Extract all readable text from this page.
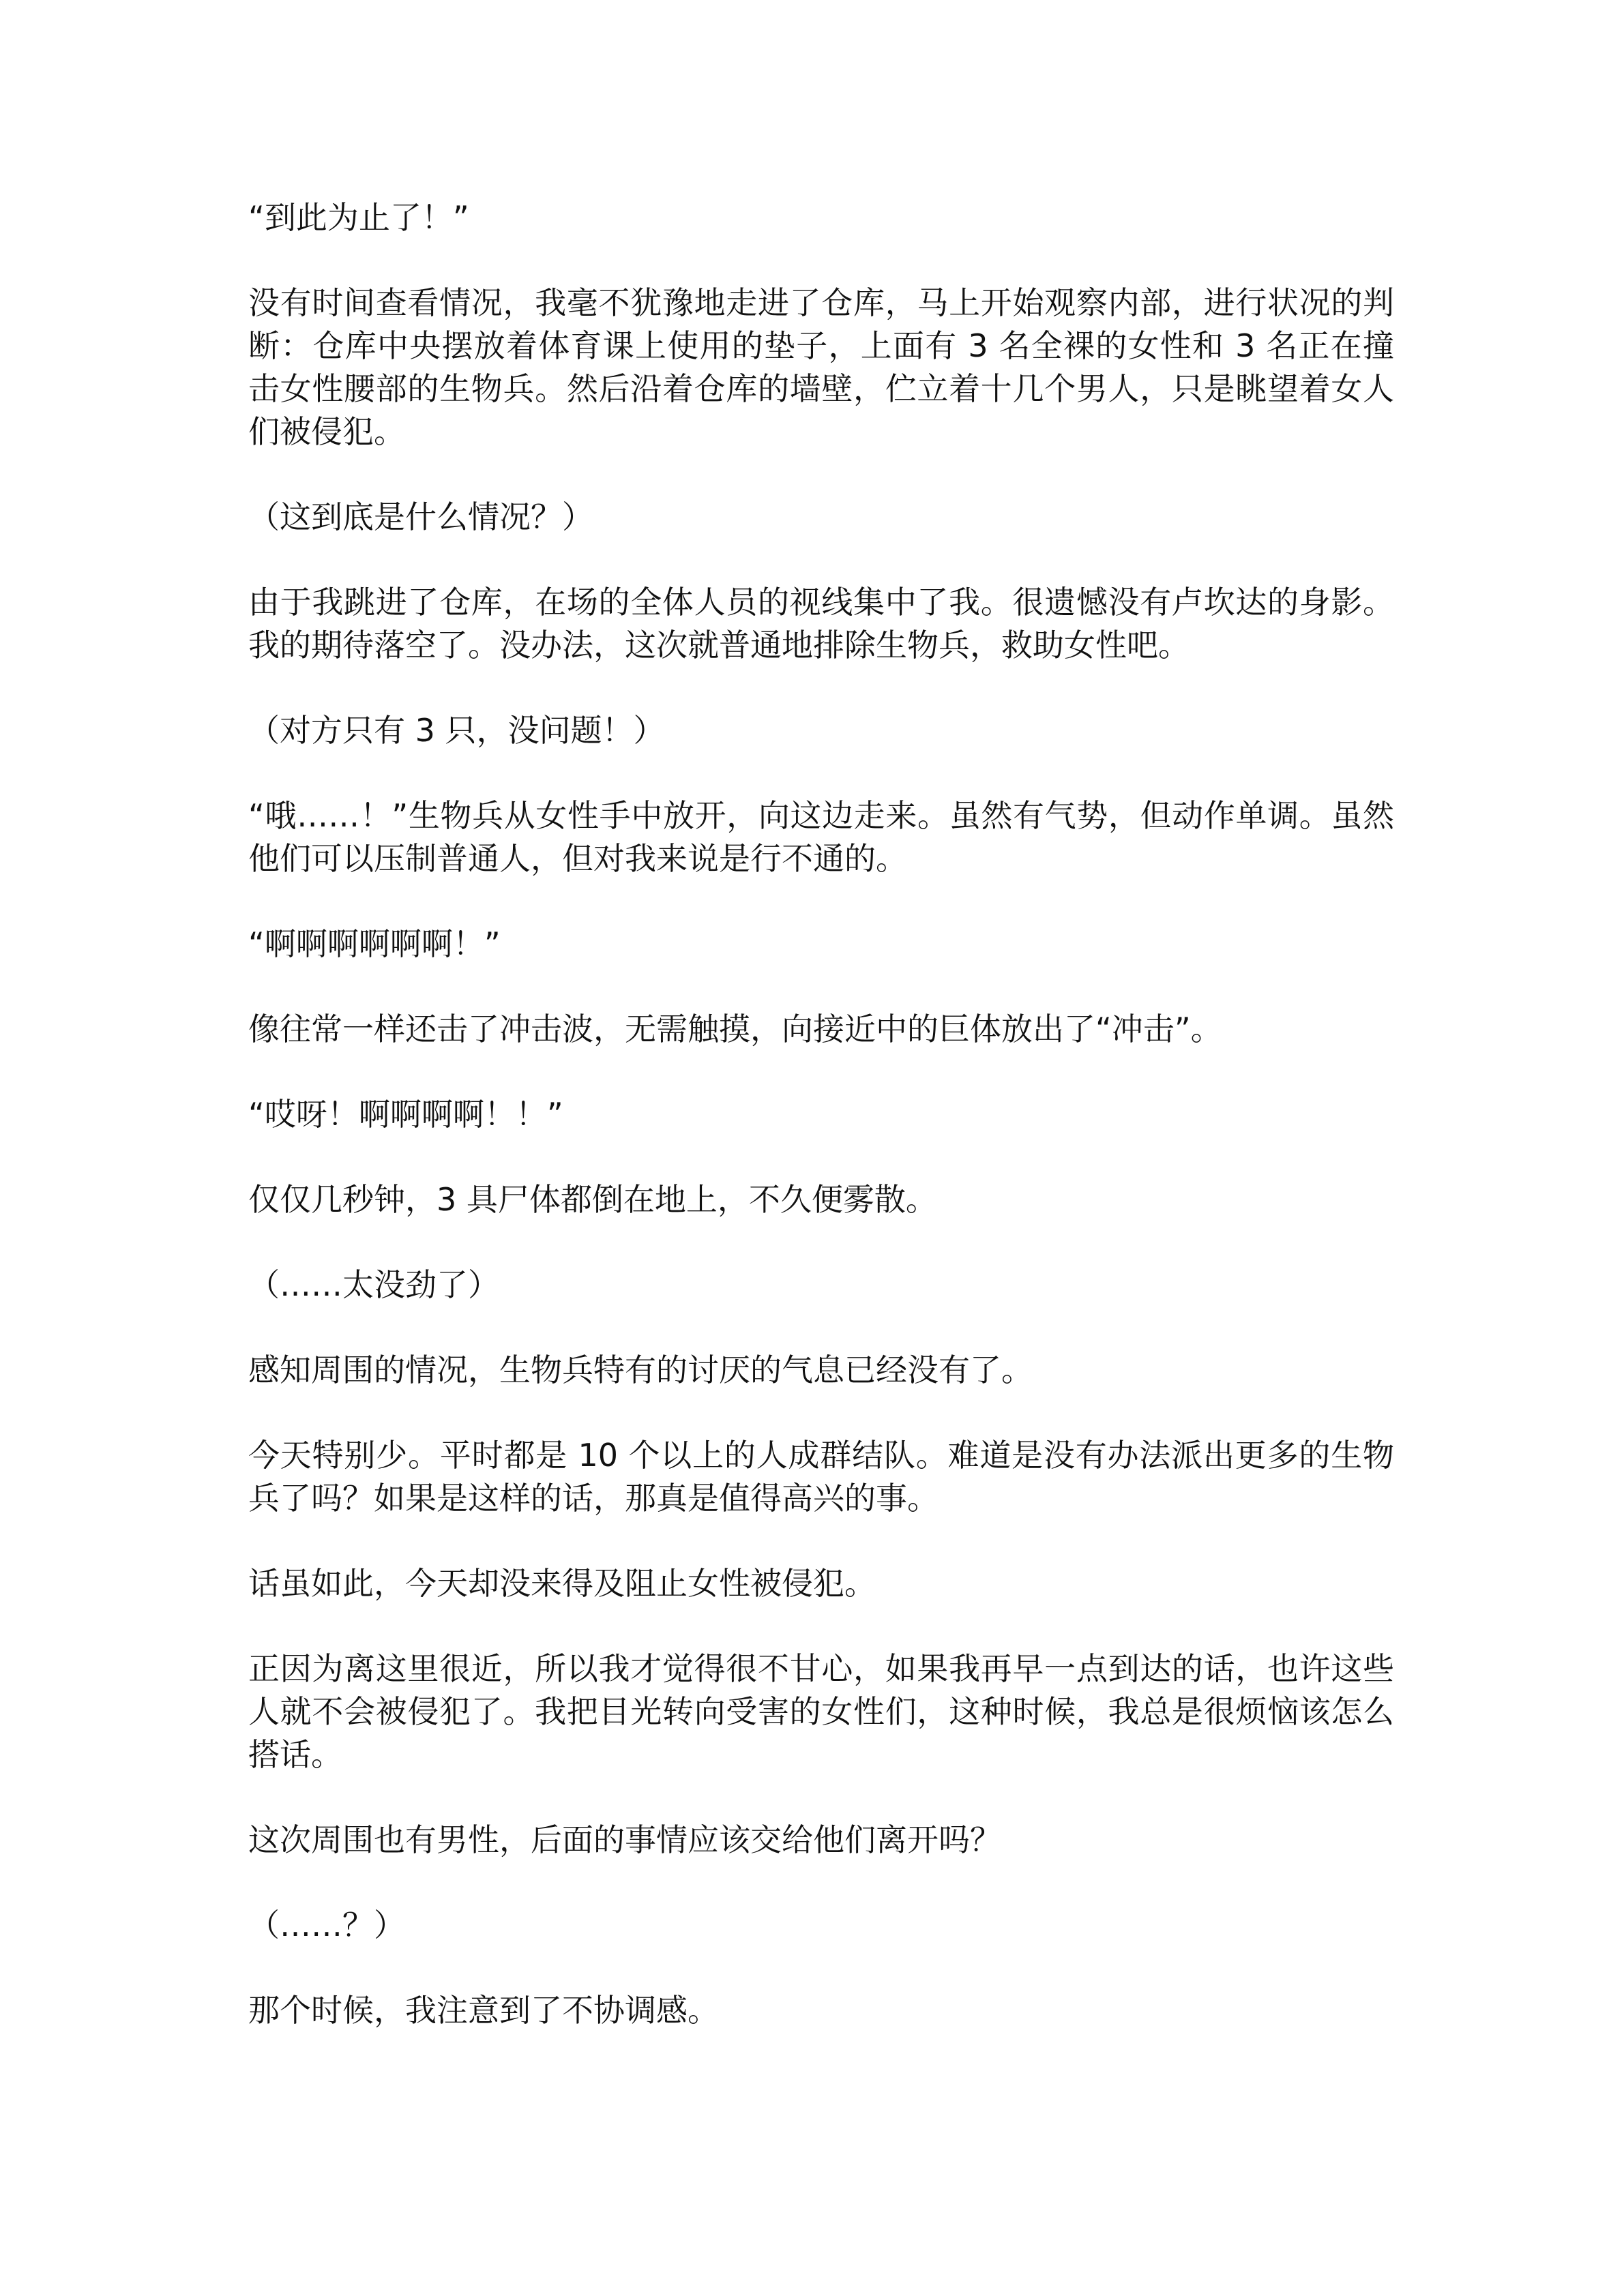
“到此为止了！”

没有时间查看情况，我毫不犹豫地走进了仓库，马上开始观察内部，进行状况的判断：仓库中央摆放着体育课上使用的垫子，上面有 3 名全裸的女性和 3 名正在撞击女性腰部的生物兵。然后沿着仓库的墙壁，伫立着十几个男人，只是眺望着女人们被侵犯。

（这到底是什么情况？）

由于我跳进了仓库，在场的全体人员的视线集中了我。很遗憾没有卢坎达的身影。我的期待落空了。没办法，这次就普通地排除生物兵，救助女性吧。

（对方只有 3 只，没问题！）

“哦……！”生物兵从女性手中放开，向这边走来。虽然有气势，但动作单调。虽然他们可以压制普通人，但对我来说是行不通的。

“啊啊啊啊啊啊！”

像往常一样还击了冲击波，无需触摸，向接近中的巨体放出了“冲击”。

“哎呀！啊啊啊啊！！”

仅仅几秒钟，3 具尸体都倒在地上，不久便雾散。

（……太没劲了）

感知周围的情况，生物兵特有的讨厌的气息已经没有了。

今天特别少。平时都是 10 个以上的人成群结队。难道是没有办法派出更多的生物兵了吗？如果是这样的话，那真是值得高兴的事。

话虽如此，今天却没来得及阻止女性被侵犯。

正因为离这里很近，所以我才觉得很不甘心，如果我再早一点到达的话，也许这些人就不会被侵犯了。我把目光转向受害的女性们，这种时候，我总是很烦恼该怎么搭话。

这次周围也有男性，后面的事情应该交给他们离开吗？

（……？）

那个时候，我注意到了不协调感。
